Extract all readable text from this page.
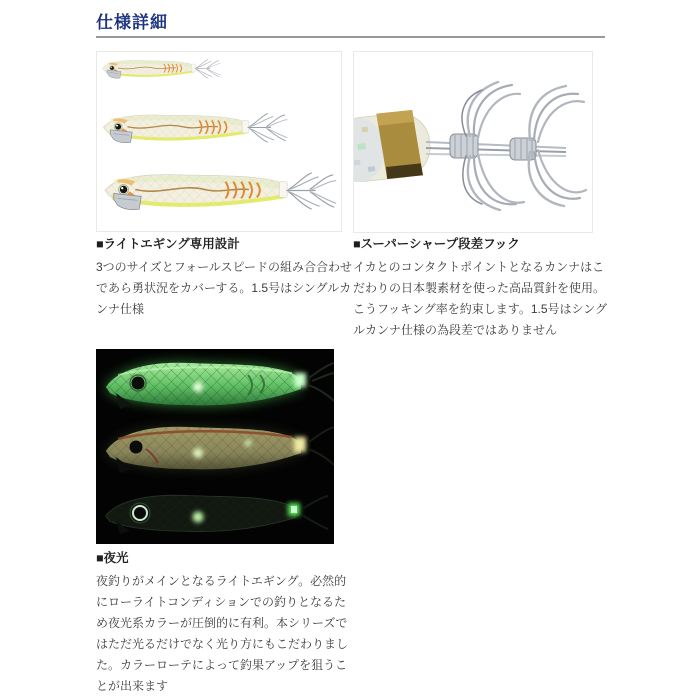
仕様詳細
■ライトエギング専用設計

3つのサイズとフォールスピードの組み合合わせであら勇状況をカバーする。1.5号はシングルカンナ仕様

■スーパーシャープ段差フック

イカとのコンタクトポイントとなるカンナはこだわりの日本製素材を使った高品質針を使用。こうフッキング率を約束します。1.5号はシングルカンナ仕様の為段差ではありません

■夜光

夜釣りがメインとなるライトエギング。必然的にローライトコンディションでの釣りとなるため夜光系カラーが圧倒的に有利。本シリーズではただ光るだけでなく光り方にもこだわりました。カラーローテによって釣果アップを狙うことが出来ます
